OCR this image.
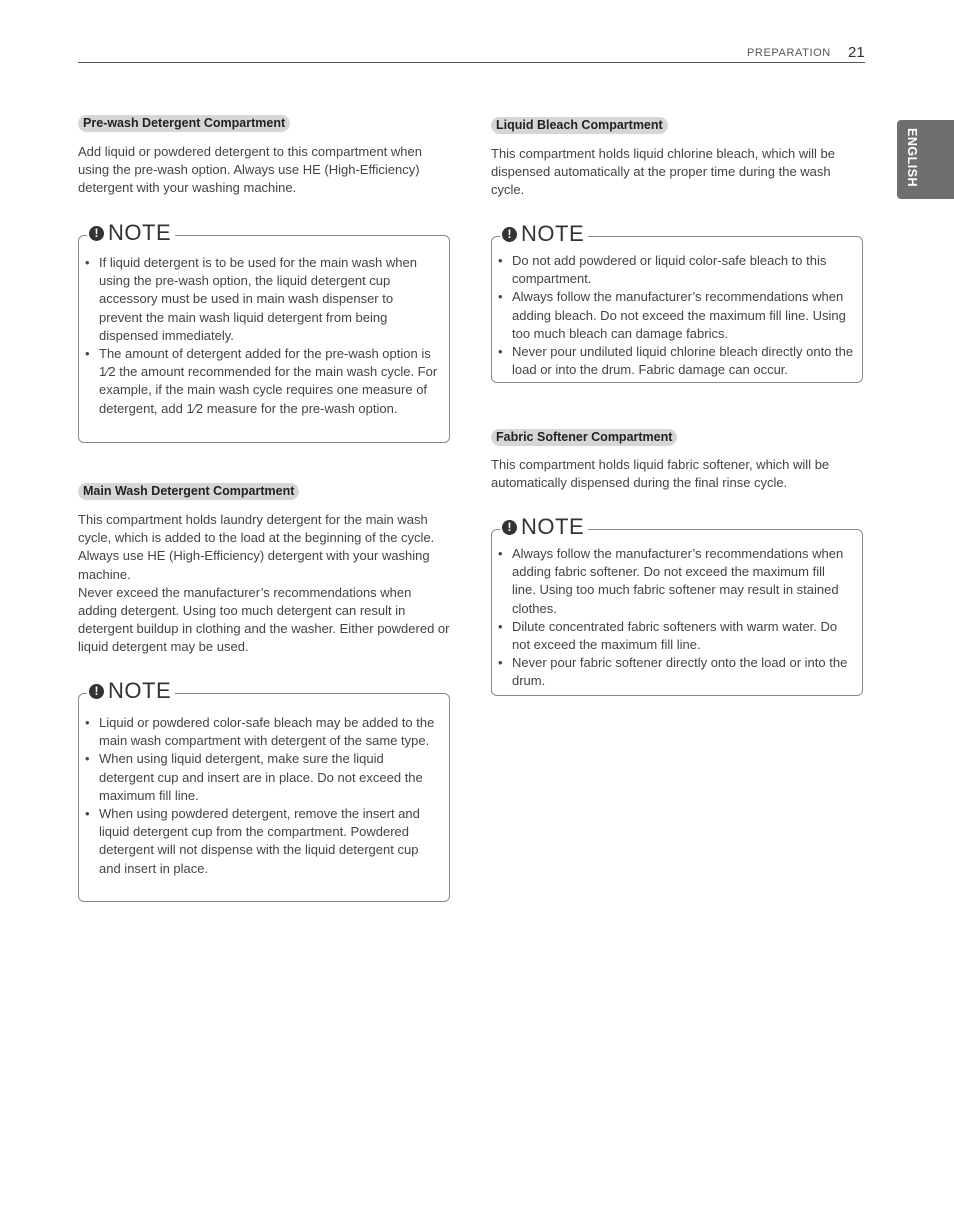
PREPARATION 21
ENGLISH
Pre-wash Detergent Compartment

Add liquid or powdered detergent to this compartment when using the pre-wash option. Always use HE (High-Efficiency) detergent with your washing machine.

! NOTE
• If liquid detergent is to be used for the main wash when using the pre-wash option, the liquid detergent cup accessory must be used in main wash dispenser to prevent the main wash liquid detergent from being dispensed immediately.
• The amount of detergent added for the pre-wash option is 1⁄2 the amount recommended for the main wash cycle. For example, if the main wash cycle requires one measure of detergent, add 1⁄2 measure for the pre-wash option.
Main Wash Detergent Compartment

This compartment holds laundry detergent for the main wash cycle, which is added to the load at the beginning of the cycle. Always use HE (High-Efficiency) detergent with your washing machine.

Never exceed the manufacturer’s recommendations when adding detergent. Using too much detergent can result in detergent buildup in clothing and the washer. Either powdered or liquid detergent may be used.

! NOTE
• Liquid or powdered color-safe bleach may be added to the main wash compartment with detergent of the same type.
• When using liquid detergent, make sure the liquid detergent cup and insert are in place. Do not exceed the maximum fill line.
• When using powdered detergent, remove the insert and liquid detergent cup from the compartment. Powdered detergent will not dispense with the liquid detergent cup and insert in place.
Liquid Bleach Compartment

This compartment holds liquid chlorine bleach, which will be dispensed automatically at the proper time during the wash cycle.

! NOTE
• Do not add powdered or liquid color-safe bleach to this compartment.
• Always follow the manufacturer’s recommendations when adding bleach. Do not exceed the maximum fill line. Using too much bleach can damage fabrics.
• Never pour undiluted liquid chlorine bleach directly onto the load or into the drum. Fabric damage can occur.
Fabric Softener Compartment

This compartment holds liquid fabric softener, which will be automatically dispensed during the final rinse cycle.

! NOTE
• Always follow the manufacturer’s recommendations when adding fabric softener. Do not exceed the maximum fill line. Using too much fabric softener may result in stained clothes.
• Dilute concentrated fabric softeners with warm water. Do not exceed the maximum fill line.
• Never pour fabric softener directly onto the load or into the drum.
